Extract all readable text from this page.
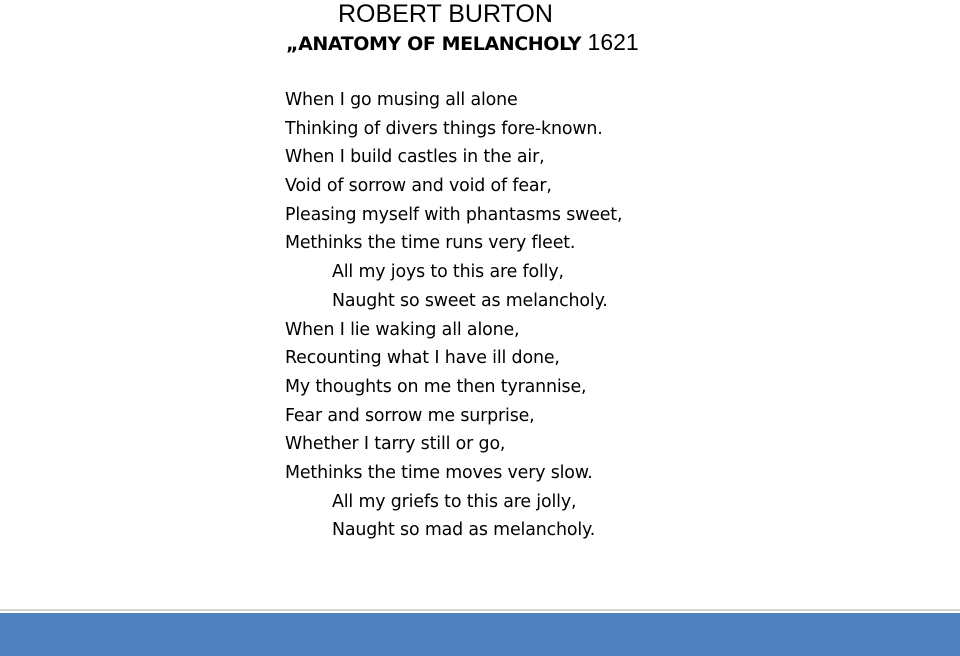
ROBERT BURTON
„ANATOMY OF MELANCHOLY 1621
When I go musing all alone
Thinking of divers things fore-known.
When I build castles in the air,
Void of sorrow and void of fear,
Pleasing myself with phantasms sweet,
Methinks the time runs very fleet.
All my joys to this are folly,
Naught so sweet as melancholy.
When I lie waking all alone,
Recounting what I have ill done,
My thoughts on me then tyrannise,
Fear and sorrow me surprise,
Whether I tarry still or go,
Methinks the time moves very slow.
All my griefs to this are jolly,
Naught so mad as melancholy.
